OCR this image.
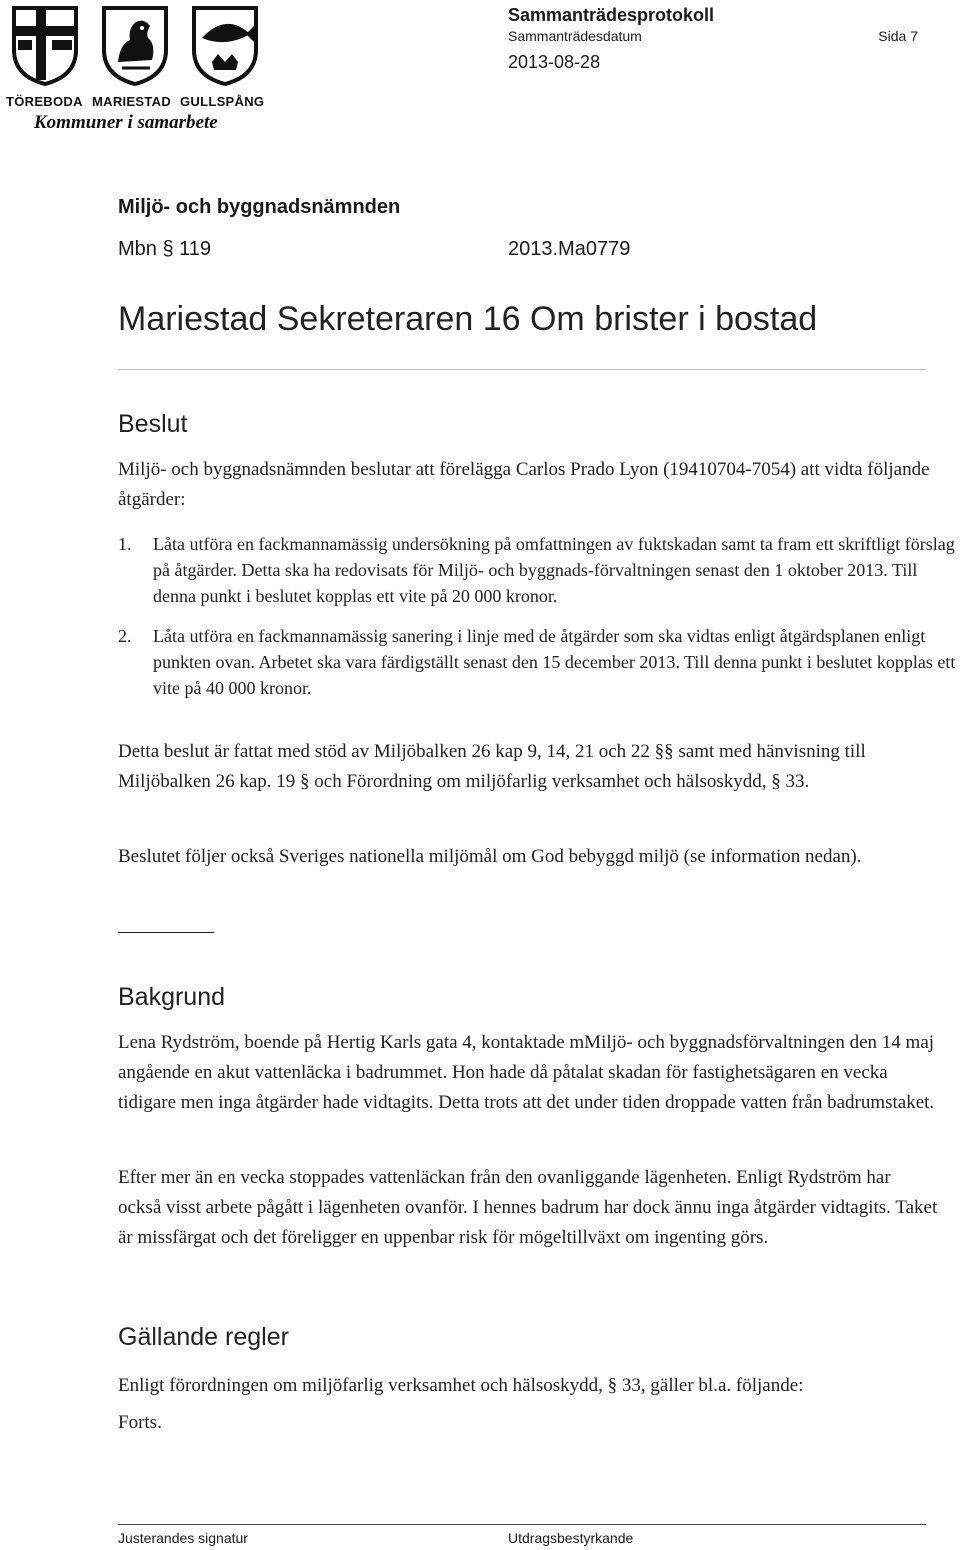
TÖREBODA MARIESTAD GULLSPÅNG
Kommuner i samarbete
Sammanträdesprotokoll
Sammanträdesdatum	Sida 7
2013-08-28
Miljö- och byggnadsnämnden
Mbn § 119	2013.Ma0779
Mariestad Sekreteraren 16 Om brister i bostad
Beslut
Miljö- och byggnadsnämnden beslutar att förelägga Carlos Prado Lyon (19410704-7054) att vidta följande åtgärder:
1. Låta utföra en fackmannamässig undersökning på omfattningen av fuktskadan samt ta fram ett skriftligt förslag på åtgärder. Detta ska ha redovisats för Miljö- och byggnads-förvaltningen senast den 1 oktober 2013. Till denna punkt i beslutet kopplas ett vite på 20 000 kronor.
2. Låta utföra en fackmannamässig sanering i linje med de åtgärder som ska vidtas enligt åtgärdsplanen enligt punkten ovan. Arbetet ska vara färdigställt senast den 15 december 2013. Till denna punkt i beslutet kopplas ett vite på 40 000 kronor.
Detta beslut är fattat med stöd av Miljöbalken 26 kap 9, 14, 21 och 22 §§ samt med hänvisning till Miljöbalken 26 kap. 19 § och Förordning om miljöfarlig verksamhet och hälsoskydd, § 33.
Beslutet följer också Sveriges nationella miljömål om God bebyggd miljö (se information nedan).
Bakgrund
Lena Rydström, boende på Hertig Karls gata 4, kontaktade mMiljö- och byggnadsförvaltningen den 14 maj angående en akut vattenläcka i badrummet. Hon hade då påtalat skadan för fastighetsägaren en vecka tidigare men inga åtgärder hade vidtagits. Detta trots att det under tiden droppade vatten från badrumstaket.
Efter mer än en vecka stoppades vattenläckan från den ovanliggande lägenheten. Enligt Rydström har också visst arbete pågått i lägenheten ovanför. I hennes badrum har dock ännu inga åtgärder vidtagits. Taket är missfärgat och det föreligger en uppenbar risk för mögeltillväxt om ingenting görs.
Gällande regler
Enligt förordningen om miljöfarlig verksamhet och hälsoskydd, § 33, gäller bl.a. följande:
Forts.
Justerandes signatur	Utdragsbestyrkande
